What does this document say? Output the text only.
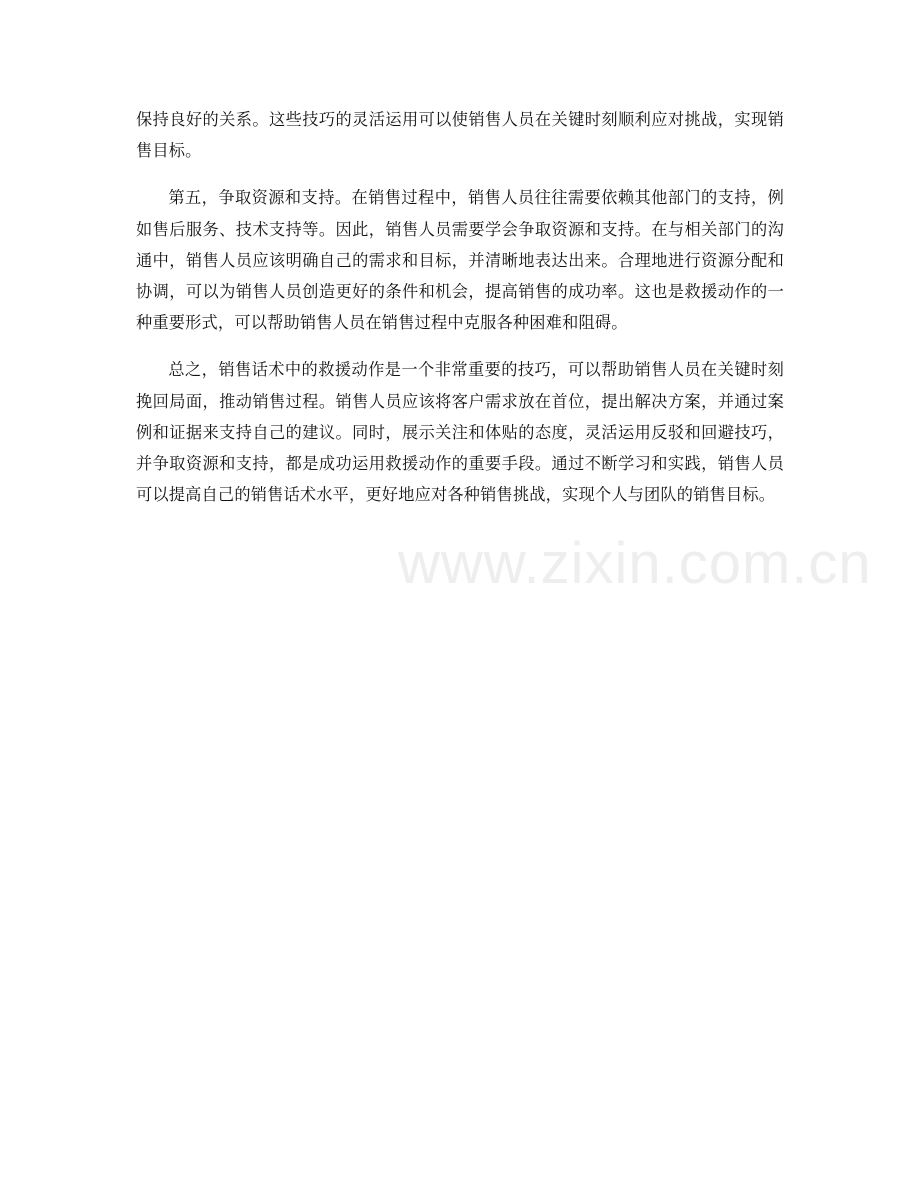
保持良好的关系。这些技巧的灵活运用可以使销售人员在关键时刻顺利应对挑战，实现销售目标。

第五，争取资源和支持。在销售过程中，销售人员往往需要依赖其他部门的支持，例如售后服务、技术支持等。因此，销售人员需要学会争取资源和支持。在与相关部门的沟通中，销售人员应该明确自己的需求和目标，并清晰地表达出来。合理地进行资源分配和协调，可以为销售人员创造更好的条件和机会，提高销售的成功率。这也是救援动作的一种重要形式，可以帮助销售人员在销售过程中克服各种困难和阻碍。

总之，销售话术中的救援动作是一个非常重要的技巧，可以帮助销售人员在关键时刻挽回局面，推动销售过程。销售人员应该将客户需求放在首位，提出解决方案，并通过案例和证据来支持自己的建议。同时，展示关注和体贴的态度，灵活运用反驳和回避技巧，并争取资源和支持，都是成功运用救援动作的重要手段。通过不断学习和实践，销售人员可以提高自己的销售话术水平，更好地应对各种销售挑战，实现个人与团队的销售目标。

www.zixin.com.cn
